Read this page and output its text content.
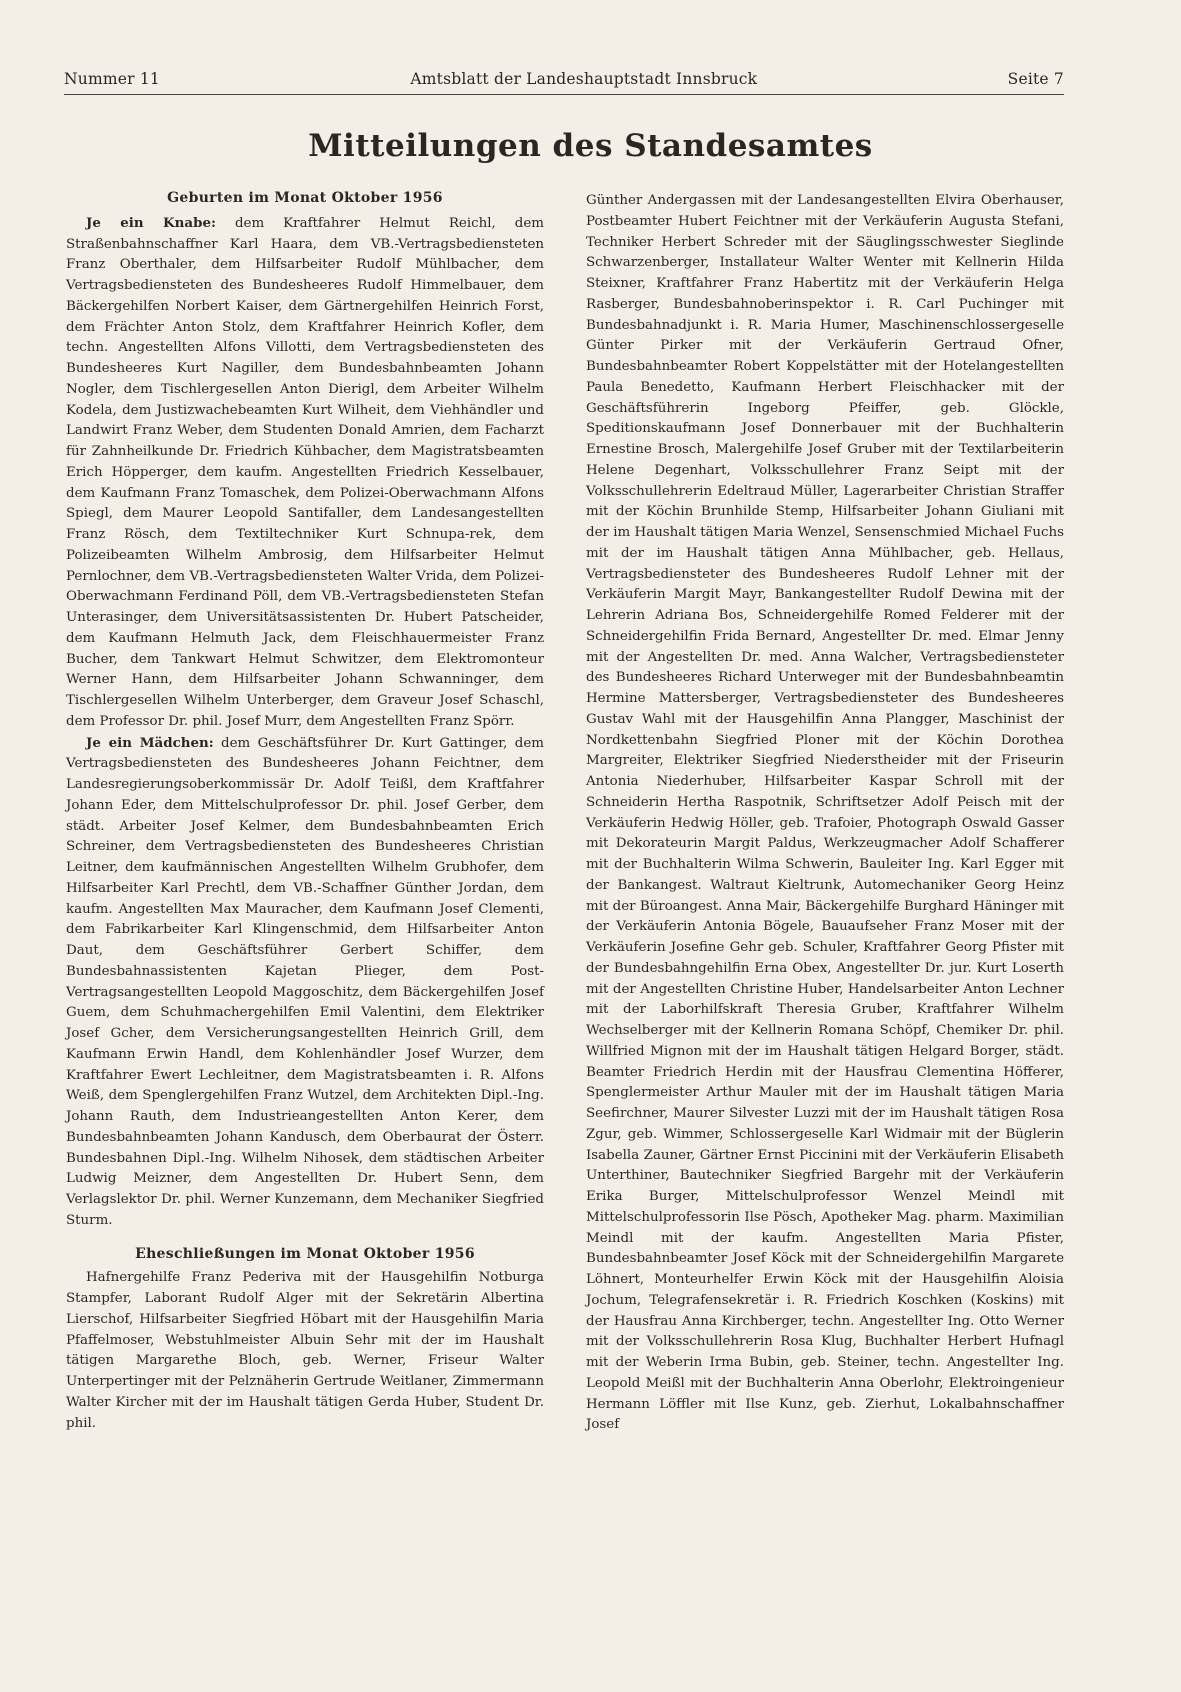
Nummer 11	Amtsblatt der Landeshauptstadt Innsbruck	Seite 7
Mitteilungen des Standesamtes
Geburten im Monat Oktober 1956

Je ein Knabe: dem Kraftfahrer Helmut Reichl, dem Straßenbahnschaffner Karl Haara, dem VB.-Vertragsbediensteten Franz Oberthaler, dem Hilfsarbeiter Rudolf Mühlbacher, dem Vertragsbediensteten des Bundesheeres Rudolf Himmelbauer, dem Bäckergehilfen Norbert Kaiser, dem Gärtnergehilfen Heinrich Forst, dem Frächter Anton Stolz, dem Kraftfahrer Heinrich Kofler, dem techn. Angestellten Alfons Villotti, dem Vertragsbediensteten des Bundesheeres Kurt Nagiller, dem Bundesbahnbeamten Johann Nogler, dem Tischlergesellen Anton Dierigl, dem Arbeiter Wilhelm Kodela, dem Justizwachebeamten Kurt Wilheit, dem Viehhändler und Landwirt Franz Weber, dem Studenten Donald Amrien, dem Facharzt für Zahnheilkunde Dr. Friedrich Kühbacher, dem Magistratsbeamten Erich Höpperger, dem kaufm. Angestellten Friedrich Kesselbauer, dem Kaufmann Franz Tomaschek, dem Polizei-Oberwachmann Alfons Spiegl, dem Maurer Leopold Santifaller, dem Landesangestellten Franz Rösch, dem Textiltechniker Kurt Schnupa-rek, dem Polizeibeamten Wilhelm Ambrosig, dem Hilfsarbeiter Helmut Pernlochner, dem VB.-Vertragsbediensteten Walter Vrida, dem Polizei-Oberwachmann Ferdinand Pöll, dem VB.-Vertragsbediensteten Stefan Unterasinger, dem Universitätsassistenten Dr. Hubert Patscheider, dem Kaufmann Helmuth Jack, dem Fleischhauermeister Franz Bucher, dem Tankwart Helmut Schwitzer, dem Elektromonteur Werner Hann, dem Hilfsarbeiter Johann Schwanninger, dem Tischlergesellen Wilhelm Unterberger, dem Graveur Josef Schaschl, dem Professor Dr. phil. Josef Murr, dem Angestellten Franz Spörr.

Je ein Mädchen: dem Geschäftsführer Dr. Kurt Gattinger, dem Vertragsbediensteten des Bundesheeres Johann Feichtner, dem Landesregierungsoberkommissär Dr. Adolf Teißl, dem Kraftfahrer Johann Eder, dem Mittelschulprofessor Dr. phil. Josef Gerber, dem städt. Arbeiter Josef Kelmer, dem Bundesbahnbeamten Erich Schreiner, dem Vertragsbediensteten des Bundesheeres Christian Leitner, dem kaufmännischen Angestellten Wilhelm Grubhofer, dem Hilfsarbeiter Karl Prechtl, dem VB.-Schaffner Günther Jordan, dem kaufm. Angestellten Max Mauracher, dem Kaufmann Josef Clementi, dem Fabrikarbeiter Karl Klingenschmid, dem Hilfsarbeiter Anton Daut, dem Geschäftsführer Gerbert Schiffer, dem Bundesbahnassistenten Kajetan Plieger, dem Post-Vertragsangestellten Leopold Maggoschitz, dem Bäckergehilfen Josef Guem, dem Schuhmachergehilfen Emil Valentini, dem Elektriker Josef Gcher, dem Versicherungsangestellten Heinrich Grill, dem Kaufmann Erwin Handl, dem Kohlenhändler Josef Wurzer, dem Kraftfahrer Ewert Lechleitner, dem Magistratsbeamten i. R. Alfons Weiß, dem Spenglergehilfen Franz Wutzel, dem Architekten Dipl.-Ing. Johann Rauth, dem Industrieangestellten Anton Kerer, dem Bundesbahnbeamten Johann Kandusch, dem Oberbaurat der Österr. Bundesbahnen Dipl.-Ing. Wilhelm Nihosek, dem städtischen Arbeiter Ludwig Meizner, dem Angestellten Dr. Hubert Senn, dem Verlagslektor Dr. phil. Werner Kunzemann, dem Mechaniker Siegfried Sturm.

Eheschließungen im Monat Oktober 1956

Hafnergehilfe Franz Pederiva mit der Hausgehilfin Notburga Stampfer, Laborant Rudolf Alger mit der Sekretärin Albertina Lierschof, Hilfsarbeiter Siegfried Höbart mit der Hausgehilfin Maria Pfaffelmoser, Webstuhlmeister Albuin Sehr mit der im Haushalt tätigen Margarethe Bloch, geb. Werner, Friseur Walter Unterpertinger mit der Pelznäherin Gertrude Weitlaner, Zimmermann Walter Kircher mit der im Haushalt tätigen Gerda Huber, Student Dr. phil.

Günther Andergassen mit der Landesangestellten Elvira Oberhauser, Postbeamter Hubert Feichtner mit der Verkäuferin Augusta Stefani, Techniker Herbert Schreder mit der Säuglingsschwester Sieglinde Schwarzenberger, Installateur Walter Wenter mit Kellnerin Hilda Steixner, Kraftfahrer Franz Habertitz mit der Verkäuferin Helga Rasberger, Bundesbahnoberinspektor i. R. Carl Puchinger mit Bundesbahnadjunkt i. R. Maria Humer, Maschinenschlossergeselle Günter Pirker mit der Verkäuferin Gertraud Ofner, Bundesbahnbeamter Robert Koppelstätter mit der Hotelangestellten Paula Benedetto, Kaufmann Herbert Fleischhacker mit der Geschäftsführerin Ingeborg Pfeiffer, geb. Glöckle, Speditionskaufmann Josef Donnerbauer mit der Buchhalterin Ernestine Brosch, Malergehilfe Josef Gruber mit der Textilarbeiterin Helene Degenhart, Volksschullehrer Franz Seipt mit der Volksschullehrerin Edeltraud Müller, Lagerarbeiter Christian Straffer mit der Köchin Brunhilde Stemp, Hilfsarbeiter Johann Giuliani mit der im Haushalt tätigen Maria Wenzel, Sensenschmied Michael Fuchs mit der im Haushalt tätigen Anna Mühlbacher, geb. Hellaus, Vertragsbediensteter des Bundesheeres Rudolf Lehner mit der Verkäuferin Margit Mayr, Bankangestellter Rudolf Dewina mit der Lehrerin Adriana Bos, Schneidergehilfe Romed Felderer mit der Schneidergehilfin Frida Bernard, Angestellter Dr. med. Elmar Jenny mit der Angestellten Dr. med. Anna Walcher, Vertragsbediensteter des Bundesheeres Richard Unterweger mit der Bundesbahnbeamtin Hermine Mattersberger, Vertragsbediensteter des Bundesheeres Gustav Wahl mit der Hausgehilfin Anna Plangger, Maschinist der Nordkettenbahn Siegfried Ploner mit der Köchin Dorothea Margreiter, Elektriker Siegfried Niederstheider mit der Friseurin Antonia Niederhuber, Hilfsarbeiter Kaspar Schroll mit der Schneiderin Hertha Raspotnik, Schriftsetzer Adolf Peisch mit der Verkäuferin Hedwig Höller, geb. Trafoier, Photograph Oswald Gasser mit Dekorateurin Margit Paldus, Werkzeugmacher Adolf Schafferer mit der Buchhalterin Wilma Schwerin, Bauleiter Ing. Karl Egger mit der Bankangest. Waltraut Kieltrunk, Automechaniker Georg Heinz mit der Büroangest. Anna Mair, Bäckergehilfe Burghard Häninger mit der Verkäuferin Antonia Bögele, Bauaufseher Franz Moser mit der Verkäuferin Josefine Gehr geb. Schuler, Kraftfahrer Georg Pfister mit der Bundesbahngehilfin Erna Obex, Angestellter Dr. jur. Kurt Loserth mit der Angestellten Christine Huber, Handelsarbeiter Anton Lechner mit der Laborhilfskraft Theresia Gruber, Kraftfahrer Wilhelm Wechselberger mit der Kellnerin Romana Schöpf, Chemiker Dr. phil. Willfried Mignon mit der im Haushalt tätigen Helgard Borger, städt. Beamter Friedrich Herdin mit der Hausfrau Clementina Höfferer, Spenglermeister Arthur Mauler mit der im Haushalt tätigen Maria Seefirchner, Maurer Silvester Luzzi mit der im Haushalt tätigen Rosa Zgur, geb. Wimmer, Schlossergeselle Karl Widmair mit der Büglerin Isabella Zauner, Gärtner Ernst Piccinini mit der Verkäuferin Elisabeth Unterthiner, Bautechniker Siegfried Bargehr mit der Verkäuferin Erika Burger, Mittelschulprofessor Wenzel Meindl mit Mittelschulprofessorin Ilse Pösch, Apotheker Mag. pharm. Maximilian Meindl mit der kaufm. Angestellten Maria Pfister, Bundesbahnbeamter Josef Köck mit der Schneidergehilfin Margarete Löhnert, Monteurhelfer Erwin Köck mit der Hausgehilfin Aloisia Jochum, Telegrafensekretär i. R. Friedrich Koschken (Koskins) mit der Hausfrau Anna Kirchberger, techn. Angestellter Ing. Otto Werner mit der Volksschullehrerin Rosa Klug, Buchhalter Herbert Hufnagl mit der Weberin Irma Bubin, geb. Steiner, techn. Angestellter Ing. Leopold Meißl mit der Buchhalterin Anna Oberlohr, Elektroingenieur Hermann Löffler mit Ilse Kunz, geb. Zierhut, Lokalbahnschaffner Josef
